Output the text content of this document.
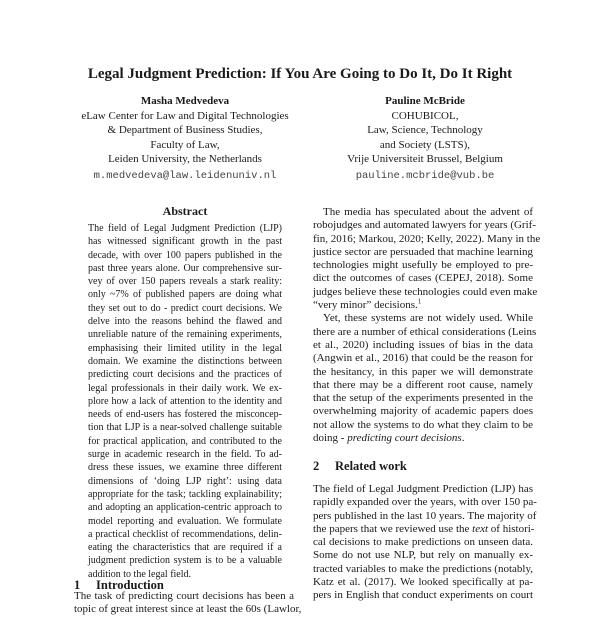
Legal Judgment Prediction: If You Are Going to Do It, Do It Right
Masha Medvedeva
eLaw Center for Law and Digital Technologies
& Department of Business Studies,
Faculty of Law,
Leiden University, the Netherlands
m.medvedeva@law.leidenuniv.nl
Pauline McBride
COHUBICOL,
Law, Science, Technology
and Society (LSTS),
Vrije Universiteit Brussel, Belgium
pauline.mcbride@vub.be
Abstract
The field of Legal Judgment Prediction (LJP)
has witnessed significant growth in the past
decade, with over 100 papers published in the
past three years alone. Our comprehensive sur-
vey of over 150 papers reveals a stark reality:
only ~7% of published papers are doing what
they set out to do - predict court decisions. We
delve into the reasons behind the flawed and
unreliable nature of the remaining experiments,
emphasising their limited utility in the legal
domain. We examine the distinctions between
predicting court decisions and the practices of
legal professionals in their daily work. We ex-
plore how a lack of attention to the identity and
needs of end-users has fostered the misconcep-
tion that LJP is a near-solved challenge suitable
for practical application, and contributed to the
surge in academic research in the field. To ad-
dress these issues, we examine three different
dimensions of ‘doing LJP right’: using data
appropriate for the task; tackling explainability;
and adopting an application-centric approach to
model reporting and evaluation. We formulate
a practical checklist of recommendations, delin-
eating the characteristics that are required if a
judgment prediction system is to be a valuable
addition to the legal field.
1 Introduction
The task of predicting court decisions has been a
topic of great interest since at least the 60s (Lawlor,
The media has speculated about the advent of
robojudges and automated lawyers for years (Grif-
fin, 2016; Markou, 2020; Kelly, 2022). Many in the
justice sector are persuaded that machine learning
technologies might usefully be employed to pre-
dict the outcomes of cases (CEPEJ, 2018). Some
judges believe these technologies could even make
“very minor” decisions.$^1$
Yet, these systems are not widely used. While
there are a number of ethical considerations (Leins
et al., 2020) including issues of bias in the data
(Angwin et al., 2016) that could be the reason for
the hesitancy, in this paper we will demonstrate
that there may be a different root cause, namely
that the setup of the experiments presented in the
overwhelming majority of academic papers does
not allow the systems to do what they claim to be
doing - predicting court decisions.
2 Related work
The field of Legal Judgment Prediction (LJP) has
rapidly expanded over the years, with over 150 pa-
pers published in the last 10 years. The majority of
the papers that we reviewed use the text of histori-
cal decisions to make predictions on unseen data.
Some do not use NLP, but rely on manually ex-
tracted variables to make the predictions (notably,
Katz et al. (2017). We looked specifically at pa-
pers in English that conduct experiments on court
